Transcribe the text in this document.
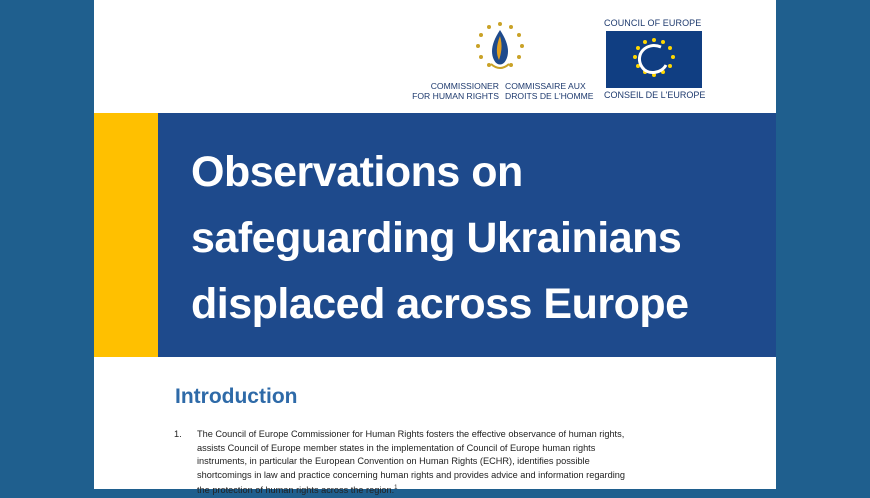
COMMISSIONER
FOR HUMAN RIGHTS
COMMISSAIRE AUX
DROITS DE L'HOMME
COUNCIL OF EUROPE
CONSEIL DE L'EUROPE
Observations on
safeguarding Ukrainians
displaced across Europe
Introduction
1. The Council of Europe Commissioner for Human Rights fosters the effective observance of human rights,
assists Council of Europe member states in the implementation of Council of Europe human rights
instruments, in particular the European Convention on Human Rights (ECHR), identifies possible
shortcomings in law and practice concerning human rights and provides advice and information regarding
the protection of human rights across the region.$^1$
